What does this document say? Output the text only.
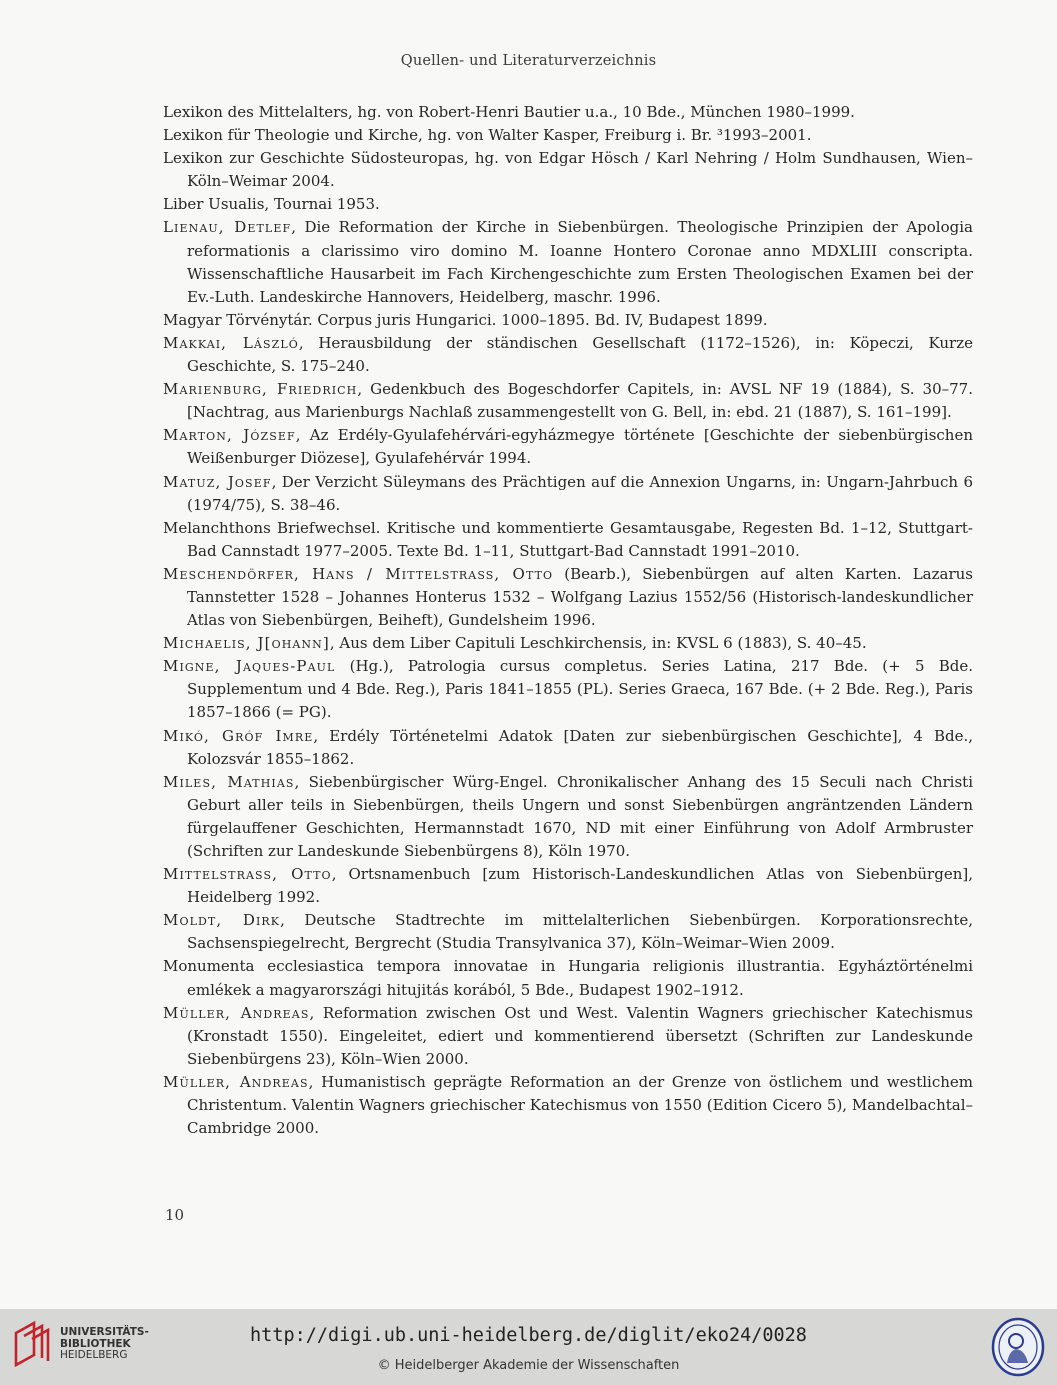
Quellen- und Literaturverzeichnis

Lexikon des Mittelalters, hg. von Robert-Henri Bautier u.a., 10 Bde., München 1980–1999.

Lexikon für Theologie und Kirche, hg. von Walter Kasper, Freiburg i. Br. ³1993–2001.

Lexikon zur Geschichte Südosteuropas, hg. von Edgar Hösch / Karl Nehring / Holm Sundhausen, Wien–Köln–Weimar 2004.

Liber Usualis, Tournai 1953.

Lienau, Detlef, Die Reformation der Kirche in Siebenbürgen. Theologische Prinzipien der Apologia reformationis a clarissimo viro domino M. Ioanne Hontero Coronae anno MDXLIII conscripta. Wissenschaftliche Hausarbeit im Fach Kirchengeschichte zum Ersten Theologischen Examen bei der Ev.-Luth. Landeskirche Hannovers, Heidelberg, maschr. 1996.

Magyar Törvénytár. Corpus juris Hungarici. 1000–1895. Bd. IV, Budapest 1899.

Makkai, László, Herausbildung der ständischen Gesellschaft (1172–1526), in: Köpeczi, Kurze Geschichte, S. 175–240.

Marienburg, Friedrich, Gedenkbuch des Bogeschdorfer Capitels, in: AVSL NF 19 (1884), S. 30–77. [Nachtrag, aus Marienburgs Nachlaß zusammengestellt von G. Bell, in: ebd. 21 (1887), S. 161–199].

Marton, József, Az Erdély-Gyulafehérvári-egyházmegye története [Geschichte der siebenbürgischen Weißenburger Diözese], Gyulafehérvár 1994.

Matuz, Josef, Der Verzicht Süleymans des Prächtigen auf die Annexion Ungarns, in: Ungarn-Jahrbuch 6 (1974/75), S. 38–46.

Melanchthons Briefwechsel. Kritische und kommentierte Gesamtausgabe, Regesten Bd. 1–12, Stuttgart-Bad Cannstadt 1977–2005. Texte Bd. 1–11, Stuttgart-Bad Cannstadt 1991–2010.

Meschendörfer, Hans / Mittelstrass, Otto (Bearb.), Siebenbürgen auf alten Karten. Lazarus Tannstetter 1528 – Johannes Honterus 1532 – Wolfgang Lazius 1552/56 (Historisch-landeskundlicher Atlas von Siebenbürgen, Beiheft), Gundelsheim 1996.

Michaelis, J[ohann], Aus dem Liber Capituli Leschkirchensis, in: KVSL 6 (1883), S. 40–45.

Migne, Jaques-Paul (Hg.), Patrologia cursus completus. Series Latina, 217 Bde. (+ 5 Bde. Supplementum und 4 Bde. Reg.), Paris 1841–1855 (PL). Series Graeca, 167 Bde. (+ 2 Bde. Reg.), Paris 1857–1866 (= PG).

Mikó, Gróf Imre, Erdély Történetelmi Adatok [Daten zur siebenbürgischen Geschichte], 4 Bde., Kolozsvár 1855–1862.

Miles, Mathias, Siebenbürgischer Würg-Engel. Chronikalischer Anhang des 15 Seculi nach Christi Geburt aller teils in Siebenbürgen, theils Ungern und sonst Siebenbürgen angräntzenden Ländern fürgelauffener Geschichten, Hermannstadt 1670, ND mit einer Einführung von Adolf Armbruster (Schriften zur Landeskunde Siebenbürgens 8), Köln 1970.

Mittelstrass, Otto, Ortsnamenbuch [zum Historisch-Landeskundlichen Atlas von Siebenbürgen], Heidelberg 1992.

Moldt, Dirk, Deutsche Stadtrechte im mittelalterlichen Siebenbürgen. Korporationsrechte, Sachsenspiegelrecht, Bergrecht (Studia Transylvanica 37), Köln–Weimar–Wien 2009.

Monumenta ecclesiastica tempora innovatae in Hungaria religionis illustrantia. Egyháztörténelmi emlékek a magyarországi hitujitás korából, 5 Bde., Budapest 1902–1912.

Müller, Andreas, Reformation zwischen Ost und West. Valentin Wagners griechischer Katechismus (Kronstadt 1550). Eingeleitet, ediert und kommentierend übersetzt (Schriften zur Landeskunde Siebenbürgens 23), Köln–Wien 2000.

Müller, Andreas, Humanistisch geprägte Reformation an der Grenze von östlichem und westlichem Christentum. Valentin Wagners griechischer Katechismus von 1550 (Edition Cicero 5), Mandelbachtal–Cambridge 2000.

10
UNIVERSITÄTS-
BIBLIOTHEK
HEIDELBERG
http://digi.ub.uni-heidelberg.de/diglit/eko24/0028
© Heidelberger Akademie der Wissenschaften
